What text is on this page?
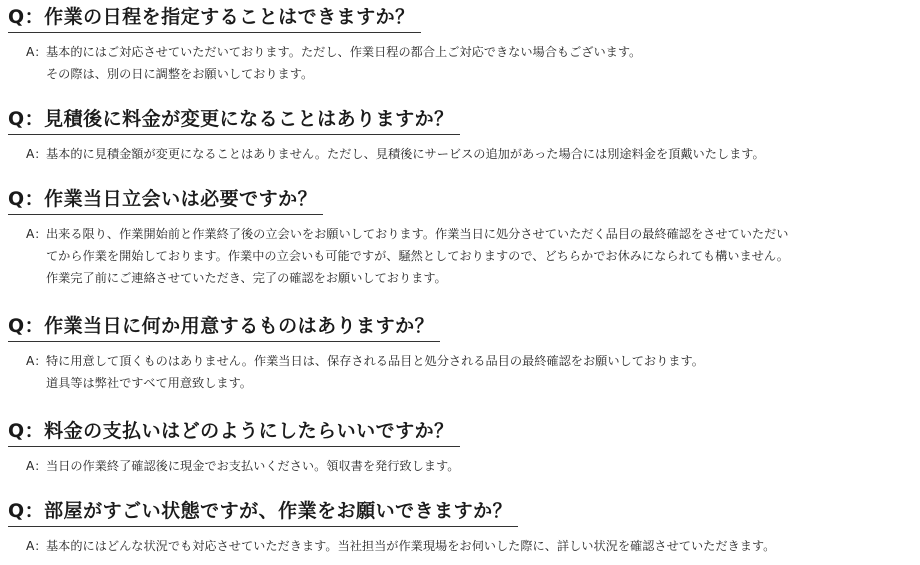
Q：作業の日程を指定することはできますか？
A： 基本的にはご対応させていただいております。ただし、作業日程の都合上ご対応できない場合もございます。
その際は、別の日に調整をお願いしております。
Q：見積後に料金が変更になることはありますか？
A： 基本的に見積金額が変更になることはありません。ただし、見積後にサービスの追加があった場合には別途料金を頂戴いたします。
Q：作業当日立会いは必要ですか？
A： 出来る限り、作業開始前と作業終了後の立会いをお願いしております。作業当日に処分させていただく品目の最終確認をさせていただい
てから作業を開始しております。作業中の立会いも可能ですが、騒然としておりますので、どちらかでお休みになられても構いません。
作業完了前にご連絡させていただき、完了の確認をお願いしております。
Q：作業当日に何か用意するものはありますか？
A： 特に用意して頂くものはありません。作業当日は、保存される品目と処分される品目の最終確認をお願いしております。
道具等は弊社ですべて用意致します。
Q：料金の支払いはどのようにしたらいいですか？
A： 当日の作業終了確認後に現金でお支払いください。領収書を発行致します。
Q：部屋がすごい状態ですが、作業をお願いできますか？
A： 基本的にはどんな状況でも対応させていただきます。当社担当が作業現場をお伺いした際に、詳しい状況を確認させていただきます。
